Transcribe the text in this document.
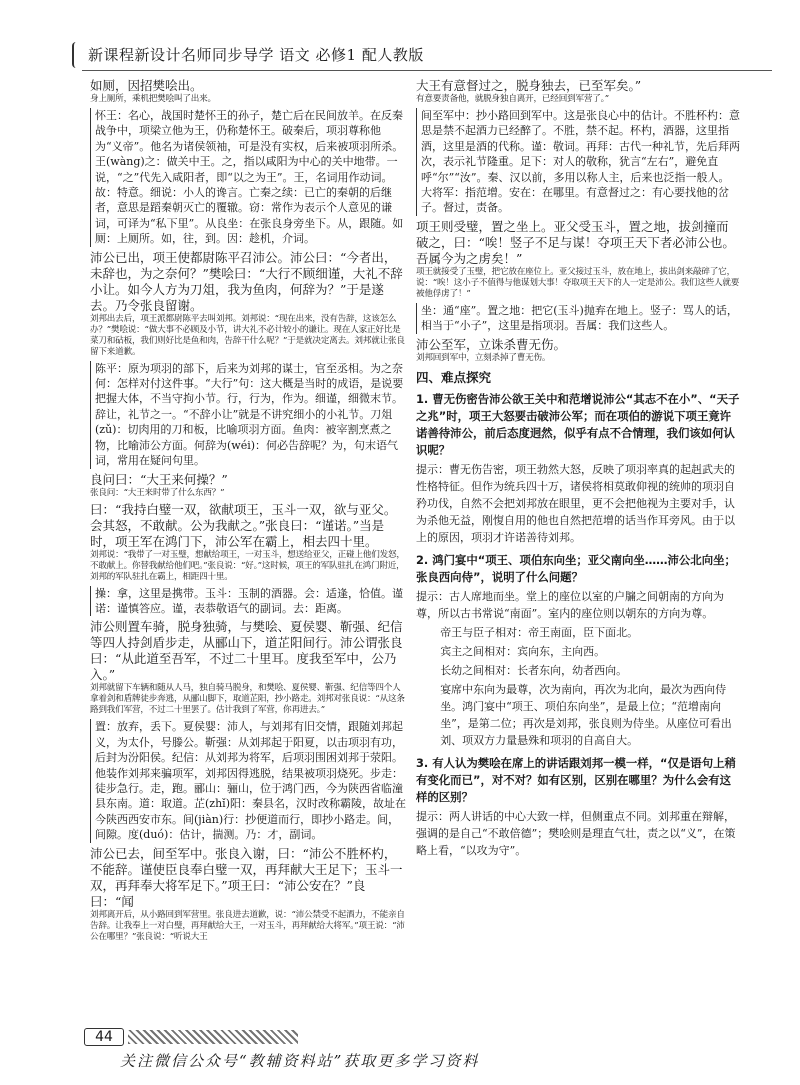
新课程新设计名师同步导学 语文 必修1 配人教版
如厕，因招樊哙出。
身上厕所，乘机把樊哙叫了出来。
怀王：名心，战国时楚怀王的孙子，楚亡后在民间放羊。在反秦战争中，项梁立他为王，仍称楚怀王。破秦后，项羽尊称他为“义帝”。他名为诸侯领袖，可是没有实权，后来被项羽所杀。王(wàng)之：做关中王。之，指以咸阳为中心的关中地带。一说，“之”代先入咸阳者，即“以之为王”。王，名词用作动词。故：特意。细说：小人的谗言。亡秦之续：已亡的秦朝的后继者，意思是蹈秦朝灭亡的覆辙。窃：常作为表示个人意见的谦词，可译为“私下里”。从良坐：在张良身旁坐下。从，跟随。如厕：上厕所。如，往，到。因：趁机，介词。
沛公已出，项王使都尉陈平召沛公。沛公曰：“今者出，未辞也，为之奈何？”樊哙曰：“大行不顾细谨，大礼不辞小让。如今人方为刀俎，我为鱼肉，何辞为？”于是遂去。乃令张良留谢。
刘邦出去后，项王派都尉陈平去叫刘邦。刘邦说：“现在出来，没有告辞，这该怎么办？”樊哙说：“做大事不必顾及小节，讲大礼不必计较小的谦让。现在人家正好比是菜刀和砧板，我们则好比是鱼和肉，告辞干什么呢？”于是就决定离去。刘邦就让张良留下来道歉。
陈平：原为项羽的部下，后来为刘邦的谋士，官至丞相。为之奈何：怎样对付这件事。“大行”句：这大概是当时的成语，是说要把握大体，不当守拘小节。行，行为，作为。细谨，细微末节。辞让，礼节之一。“不辞小让”就是不讲究细小的小礼节。刀俎(zǔ)：切肉用的刀和板，比喻项羽方面。鱼肉：被宰割烹煮之物，比喻沛公方面。何辞为(wéi)：何必告辞呢？为，句末语气词，常用在疑问句里。
良问曰：“大王来何操？”
张良问：“大王来时带了什么东西？”
曰：“我持白璧一双，欲献项王，玉斗一双，欲与亚父。会其怒，不敢献。公为我献之。”张良曰：“谨诺。”当是时，项王军在鸿门下，沛公军在霸上，相去四十里。
刘邦说：“我带了一对玉璧，想献给项王，一对玉斗，想送给亚父，正碰上他们发怒，不敢献上。你替我献给他们吧。”张良说：“好。”这时候，项王的军队驻扎在鸿门附近，刘邦的军队驻扎在霸上，相距四十里。
操：拿，这里是携带。玉斗：玉制的酒器。会：适逢，恰值。谨诺：谨慎答应。谨，表恭敬语气的副词。去：距离。
沛公则置车骑，脱身独骑，与樊哙、夏侯婴、靳强、纪信等四人持剑盾步走，从郦山下，道芷阳间行。沛公谓张良曰：“从此道至吾军，不过二十里耳。度我至军中，公乃入。”
刘邦就留下车辆和随从人马，独自骑马脱身，和樊哙、夏侯婴、靳强、纪信等四个人拿着剑和盾牌徒步奔逃，从郦山脚下，取道芷阳，抄小路走。刘邦对张良说：“从这条路到我们军营，不过二十里罢了。估计我到了军营，你再进去。”
置：放弃，丢下。夏侯婴：沛人，与刘邦有旧交情，跟随刘邦起义，为太仆，号滕公。靳强：从刘邦起于阳夏，以击项羽有功，后封为汾阳侯。纪信：从刘邦为将军，后项羽围困刘邦于荥阳。他装作刘邦来骗项军，刘邦因得逃脱，结果被项羽烧死。步走：徒步急行。走，跑。郦山：骊山，位于鸿门西，今为陕西省临潼县东南。道：取道。芷(zhǐ)阳：秦县名，汉时改称霸陵，故址在今陕西西安市东。间(jiàn)行：抄便道而行，即抄小路走。间，间隙。度(duó)：估计，揣测。乃：才，副词。
沛公已去，间至军中。张良入谢，曰：“沛公不胜杯杓，不能辞。谨使臣良奉白璧一双，再拜献大王足下；玉斗一双，再拜奉大将军足下。”项王曰：“沛公安在？”良曰：“闻
刘邦离开后，从小路回到军营里。张良进去道歉，说：“沛公禁受不起酒力，不能亲自告辞。让我奉上一对白璧，再拜献给大王，一对玉斗，再拜献给大将军。”项王说：“沛公在哪里？”张良说：“听说大王
大王有意督过之，脱身独去，已至军矣。”
有意要责备他，就脱身独自离开，已经回到军营了。”
间至军中：抄小路回到军中。这是张良心中的估计。不胜杯杓：意思是禁不起酒力已经醉了。不胜，禁不起。杯杓，酒器，这里指酒，这里是酒的代称。谨：敬词。再拜：古代一种礼节，先后拜两次，表示礼节隆重。足下：对人的敬称，犹言“左右”，避免直呼“尔”“汝”。秦、汉以前，多用以称人主，后来也泛指一般人。大将军：指范增。安在：在哪里。有意督过之：有心要找他的岔子。督过，责备。
项王则受璧，置之坐上。亚父受玉斗，置之地，拔剑撞而破之，曰：“唉！竖子不足与谋！夺项王天下者必沛公也。吾属今为之虏矣！”
项王就接受了玉璧，把它放在座位上。亚父接过玉斗，放在地上，拔出剑来敲碎了它，说：“唉！这小子不值得与他谋划大事！夺取项王天下的人一定是沛公。我们这些人就要被他俘虏了！”
坐：通“座”。置之地：把它(玉斗)抛弃在地上。竖子：骂人的话，相当于“小子”，这里是指项羽。吾属：我们这些人。
沛公至军，立诛杀曹无伤。
刘邦回到军中，立刻杀掉了曹无伤。
四、难点探究
1. 曹无伤密告沛公欲王关中和范增说沛公“其志不在小”、“天子之兆”时，项王大怒要击破沛公军；而在项伯的游说下项王竟许诺善待沛公，前后态度迥然，似乎有点不合情理，我们该如何认识呢？
提示：曹无伤告密，项王勃然大怒，反映了项羽率真的起赳武夫的性格特征。但作为统兵四十万，诸侯将相莫敢仰视的统帅的项羽自矜功伐，自然不会把刘邦放在眼里，更不会把他视为主要对手，认为杀他无益，刚愎自用的他也自然把范增的话当作耳旁风。由于以上的原因，项羽才许诺善待刘邦。
2. 鸿门宴中“项王、项伯东向坐；亚父南向坐……沛公北向坐；张良西向侍”，说明了什么问题？
提示：古人席地而坐。堂上的座位以室的户牖之间朝南的方向为尊，所以古书常说“南面”。室内的座位则以朝东的方向为尊。
帝王与臣子相对：帝王南面，臣下面北。
宾主之间相对：宾向东，主向西。
长幼之间相对：长者东向，幼者西向。
宴席中东向为最尊，次为南向，再次为北向，最次为西向侍坐。鸿门宴中“项王、项伯东向坐”，是最上位；“范增南向坐”，是第二位；再次是刘邦，张良则为侍坐。从座位可看出刘、项双方力量悬殊和项羽的自高自大。
3. 有人认为樊哙在席上的讲话跟刘邦一模一样，“仅是语句上稍有变化而已”，对不对？如有区别，区别在哪里？为什么会有这样的区别？
提示：两人讲话的中心大致一样，但侧重点不同。刘邦重在辩解，强调的是自己“不敢倍德”；樊哙则是理直气壮，责之以“义”，在策略上看，“以攻为守”。
44
关注微信公众号“教辅资料站”获取更多学习资料
